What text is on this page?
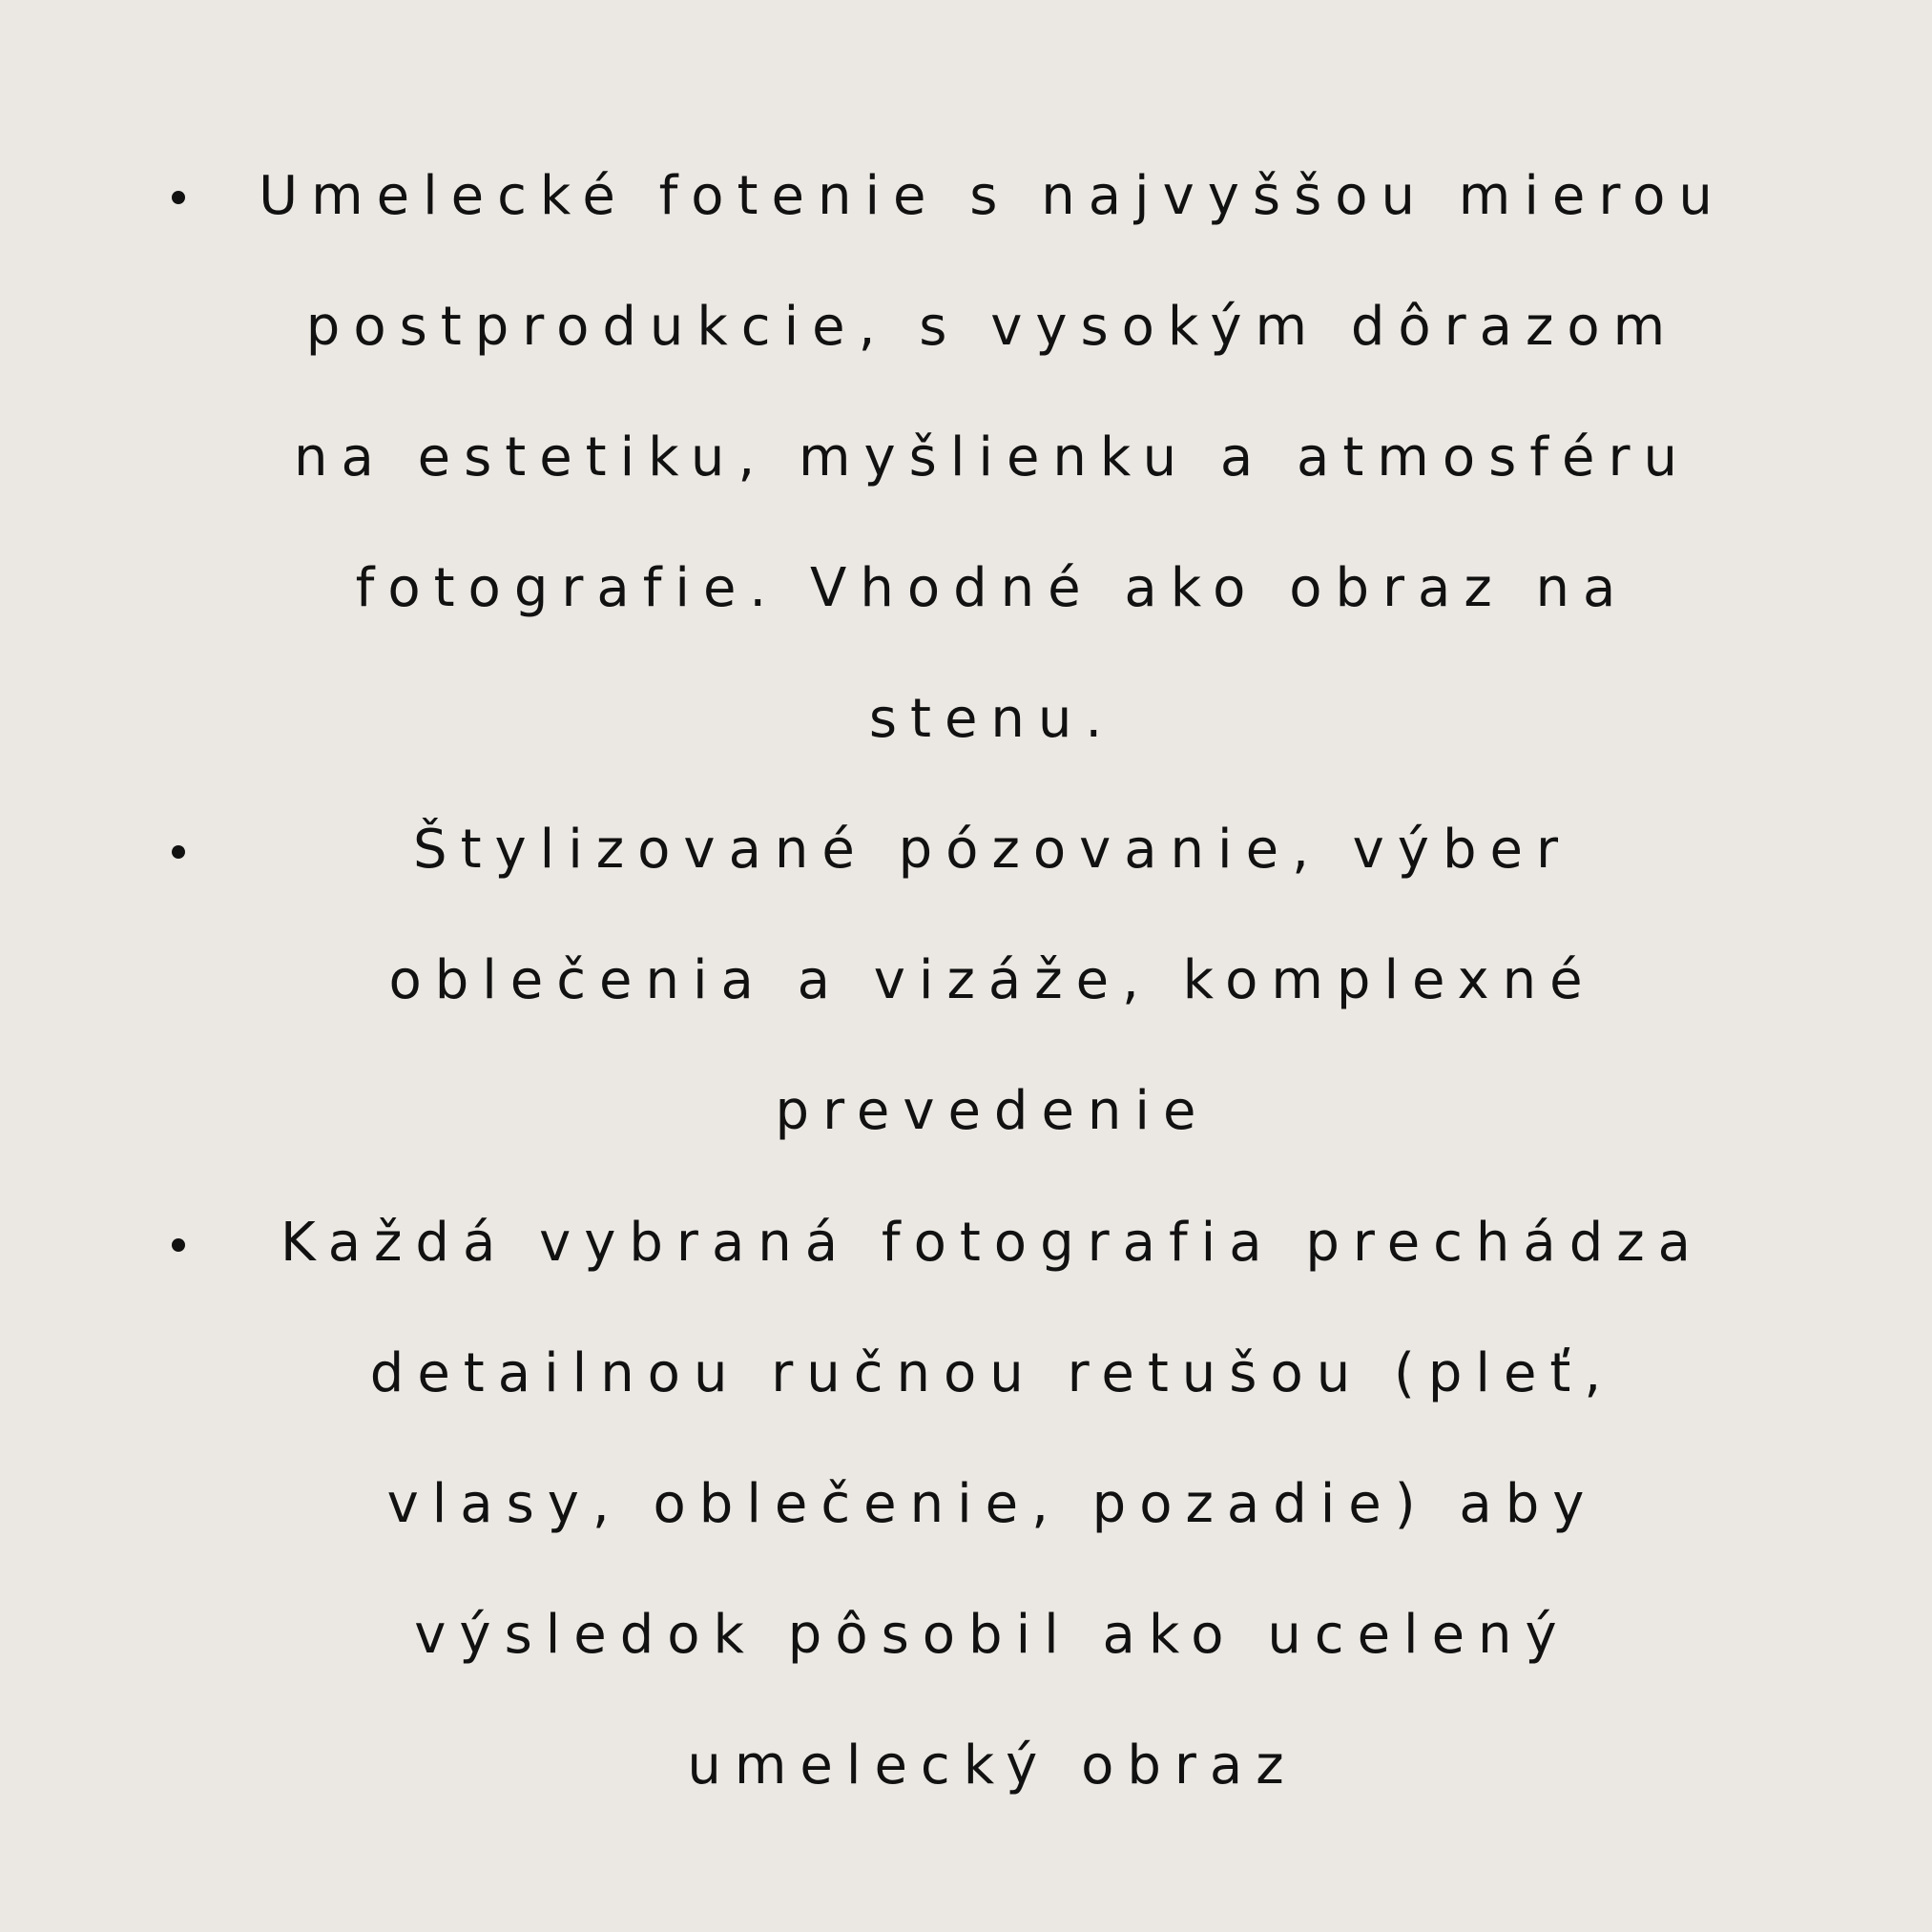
Umelecké fotenie s najvyššou mierou
postprodukcie, s vysokým dôrazom
na estetiku, myšlienku a atmosféru
fotografie. Vhodné ako obraz na
stenu.
Štylizované pózovanie, výber
oblečenia a vizáže, komplexné
prevedenie
Každá vybraná fotografia prechádza
detailnou ručnou retušou (pleť,
vlasy, oblečenie, pozadie) aby
výsledok pôsobil ako ucelený
umelecký obraz
